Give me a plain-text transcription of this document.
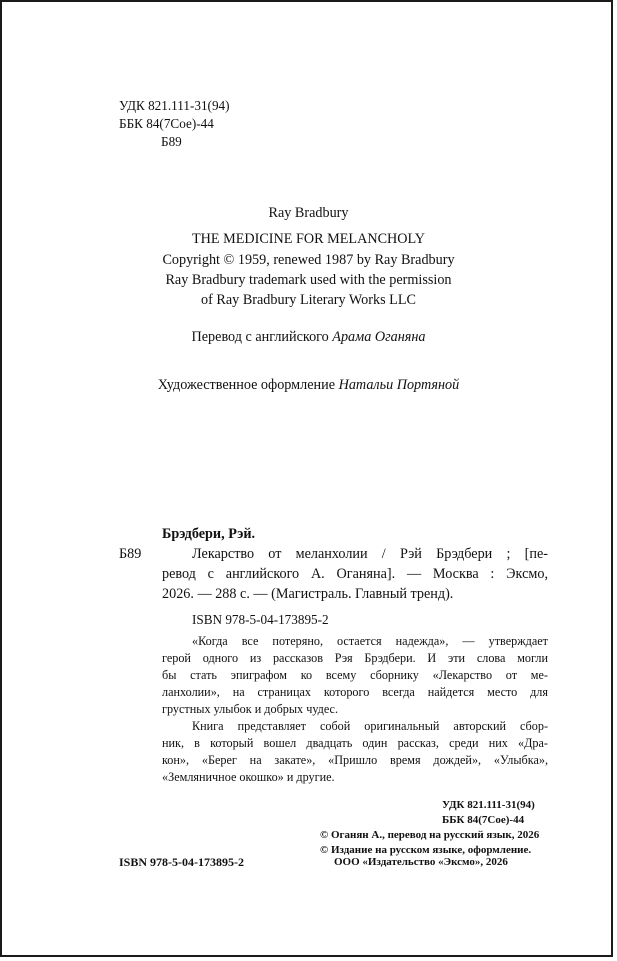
УДК 821.111-31(94)
ББК 84(7Сое)-44
Б89
Ray Bradbury
THE MEDICINE FOR MELANCHOLY
Copyright © 1959, renewed 1987 by Ray Bradbury
Ray Bradbury trademark used with the permission
of Ray Bradbury Literary Works LLC
Перевод с английского Арама Оганяна
Художественное оформление Натальи Портяной
Брэдбери, Рэй.
Б89	Лекарство от меланхолии / Рэй Брэдбери ; [пе-
ревод с английского А. Оганяна]. — Москва : Эксмо,
2026. — 288 с. — (Магистраль. Главный тренд).
ISBN 978-5-04-173895-2
«Когда все потеряно, остается надежда», — утверждает
герой одного из рассказов Рэя Брэдбери. И эти слова могли
бы стать эпиграфом ко всему сборнику «Лекарство от ме-
ланхолии», на страницах которого всегда найдется место для
грустных улыбок и добрых чудес.
Книга представляет собой оригинальный авторский сбор-
ник, в который вошел двадцать один рассказ, среди них «Дра-
кон», «Берег на закате», «Пришло время дождей», «Улыбка»,
«Земляничное окошко» и другие.
УДК 821.111-31(94)
ББК 84(7Сое)-44
© Оганян А., перевод на русский язык, 2026
© Издание на русском языке, оформление.
ISBN 978-5-04-173895-2	ООО «Издательство «Эксмо», 2026
